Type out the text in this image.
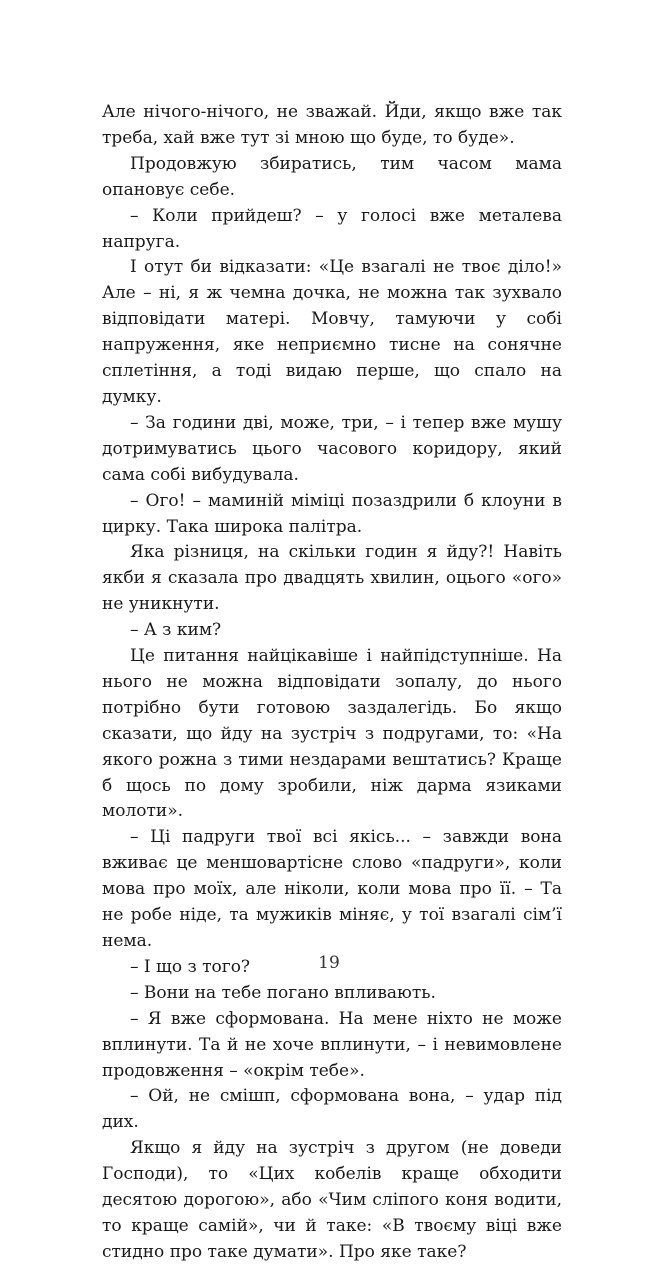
Але нічого-нічого, не зважай. Йди, якщо вже так треба, хай вже тут зі мною що буде, то буде».

Продовжую збиратись, тим часом мама опановує себе.

– Коли прийдеш? – у голосі вже металева напруга.

І отут би відказати: «Це взагалі не твоє діло!» Але – ні, я ж чемна дочка, не можна так зухвало відповідати матері. Мовчу, тамуючи у собі напруження, яке неприємно тисне на сонячне сплетіння, а тоді видаю перше, що спало на думку.

– За години дві, може, три, – і тепер вже мушу дотримуватись цього часового коридору, який сама собі вибудувала.

– Ого! – маминій міміці позаздрили б клоуни в цирку. Така широка палітра.

Яка різниця, на скільки годин я йду?! Навіть якби я сказала про двадцять хвилин, оцього «ого» не уникнути.

– А з ким?

Це питання найцікавіше і найпідступніше. На нього не можна відповідати зопалу, до нього потрібно бути готовою заздалегідь. Бо якщо сказати, що йду на зустріч з подругами, то: «На якого рожна з тими нездарами вештатись? Краще б щось по дому зробили, ніж дарма язиками молоти».

– Ці падруги твої всі якісь... – завжди вона вживає це меншовартісне слово «падруги», коли мова про моїх, але ніколи, коли мова про її. – Та не робе ніде, та мужиків міняє, у тої взагалі сім’ї нема.

– І що з того?

– Вони на тебе погано впливають.

– Я вже сформована. На мене ніхто не може вплинути. Та й не хоче вплинути, – і невимовлене продовження – «окрім тебе».

– Ой, не смішп, сформована вона, – удар під дих.

Якщо я йду на зустріч з другом (не доведи Господи), то «Цих кобелів краще обходити десятою дорогою», або «Чим сліпого коня водити, то краще самій», чи й таке: «В твоєму віці вже стидно про таке думати». Про яке таке?

19
